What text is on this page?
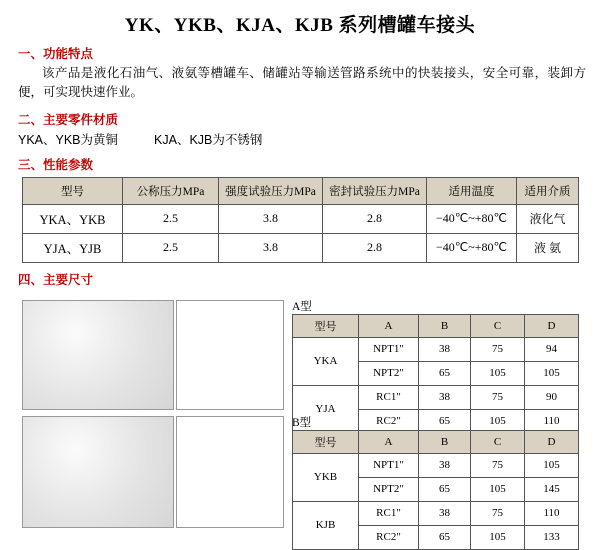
YK、YKB、KJA、KJB 系列槽罐车接头
一、功能特点
该产品是液化石油气、液氨等槽罐车、储罐站等输送管路系统中的快装接头，安全可靠，装卸方便，可实现快速作业。
二、主要零件材质
YKA、YKB为黄铜	KJA、KJB为不锈钢
三、性能参数
型号	公称压力MPa	强度试验压力MPa	密封试验压力MPa	适用温度	适用介质
YKA、YKB	2.5	3.8	2.8	−40℃~+80℃	液化气
YJA、YJB	2.5	3.8	2.8	−40℃~+80℃	液 氨
四、主要尺寸
A型
型号	A	B	C	D
YKA	NPT1"	38	75	94
	NPT2"	65	105	105
YJA	RC1"	38	75	90
	RC2"	65	105	110
B型
型号	A	B	C	D
YKB	NPT1"	38	75	105
	NPT2"	65	105	145
KJB	RC1"	38	75	110
	RC2"	65	105	133
